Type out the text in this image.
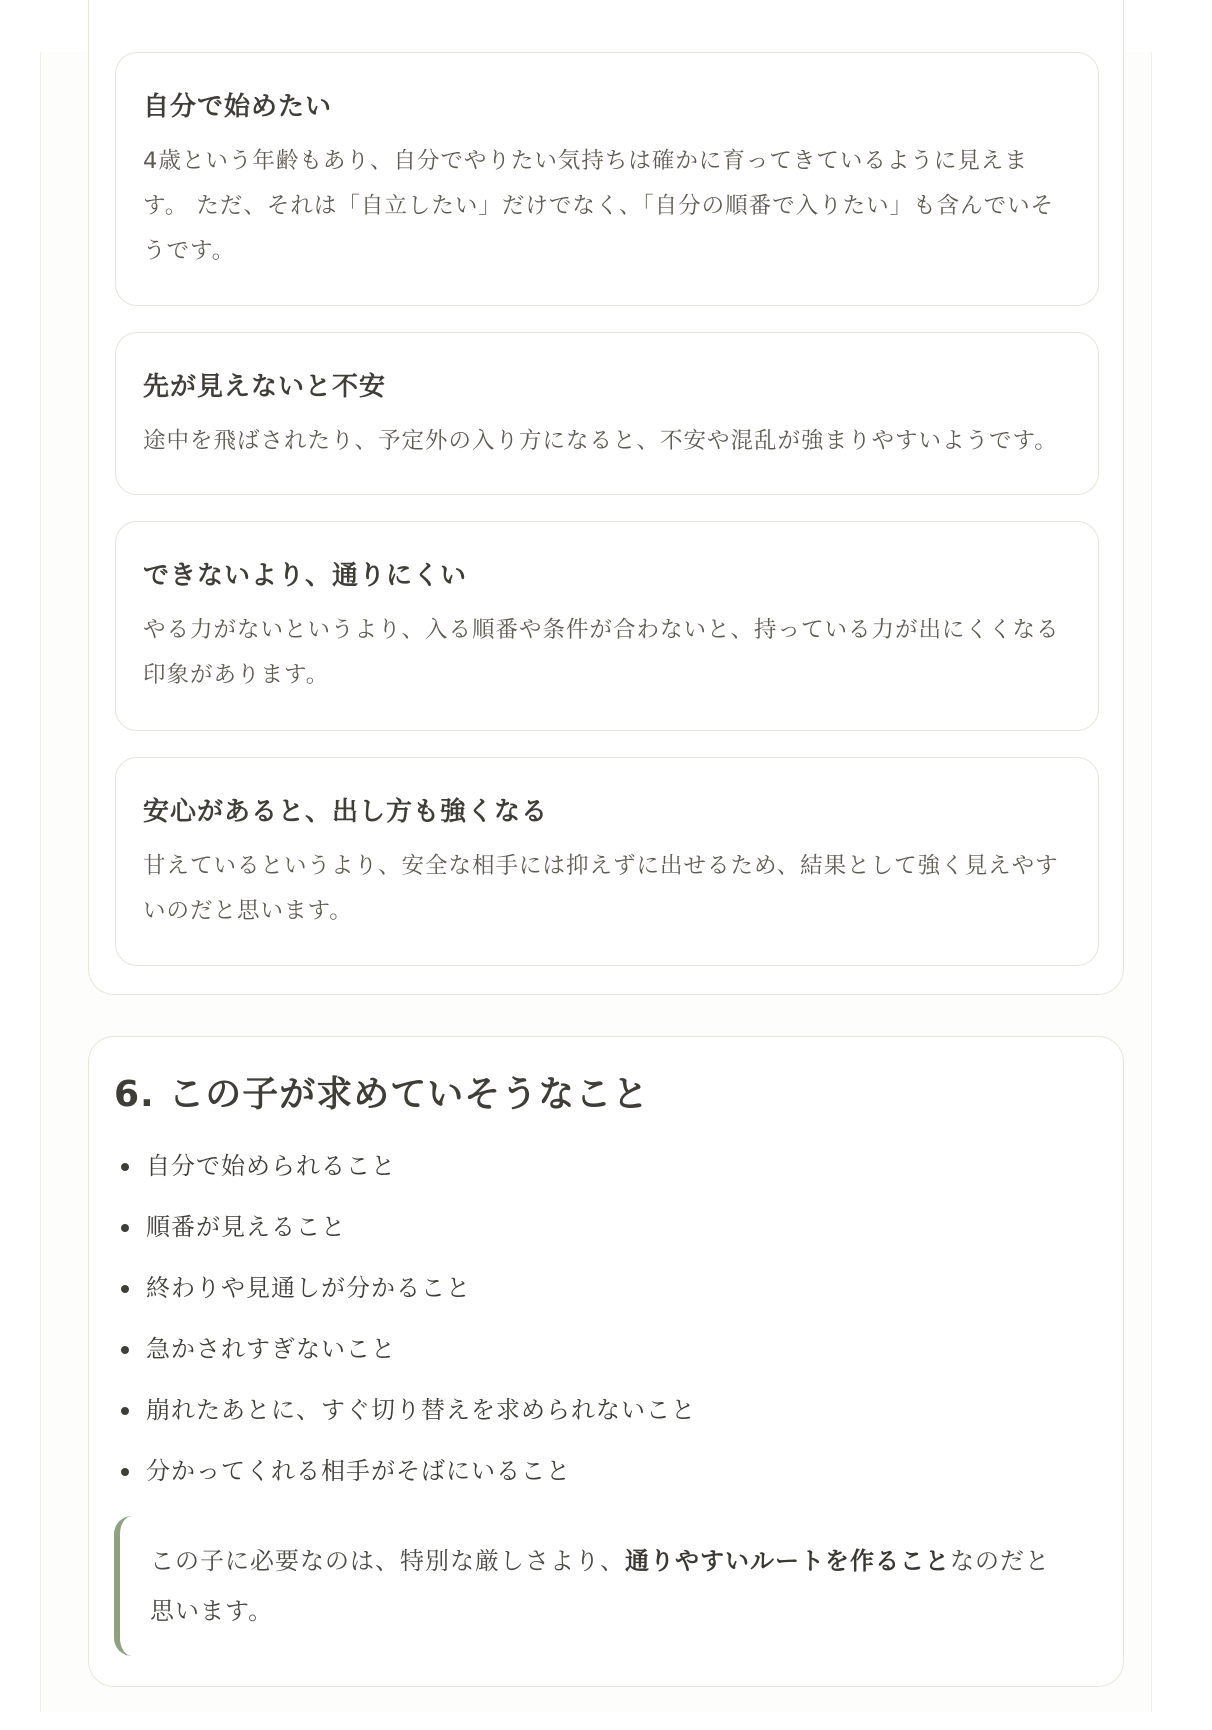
自分で始めたい
4歳という年齢もあり、自分でやりたい気持ちは確かに育ってきているように見えます。 ただ、それは「自立したい」だけでなく、「自分の順番で入りたい」も含んでいそうです。
先が見えないと不安
途中を飛ばされたり、予定外の入り方になると、不安や混乱が強まりやすいようです。
できないより、通りにくい
やる力がないというより、入る順番や条件が合わないと、持っている力が出にくくなる印象があります。
安心があると、出し方も強くなる
甘えているというより、安全な相手には抑えずに出せるため、結果として強く見えやすいのだと思います。
6. この子が求めていそうなこと
自分で始められること
順番が見えること
終わりや見通しが分かること
急かされすぎないこと
崩れたあとに、すぐ切り替えを求められないこと
分かってくれる相手がそばにいること
この子に必要なのは、特別な厳しさより、通りやすいルートを作ることなのだと思います。
